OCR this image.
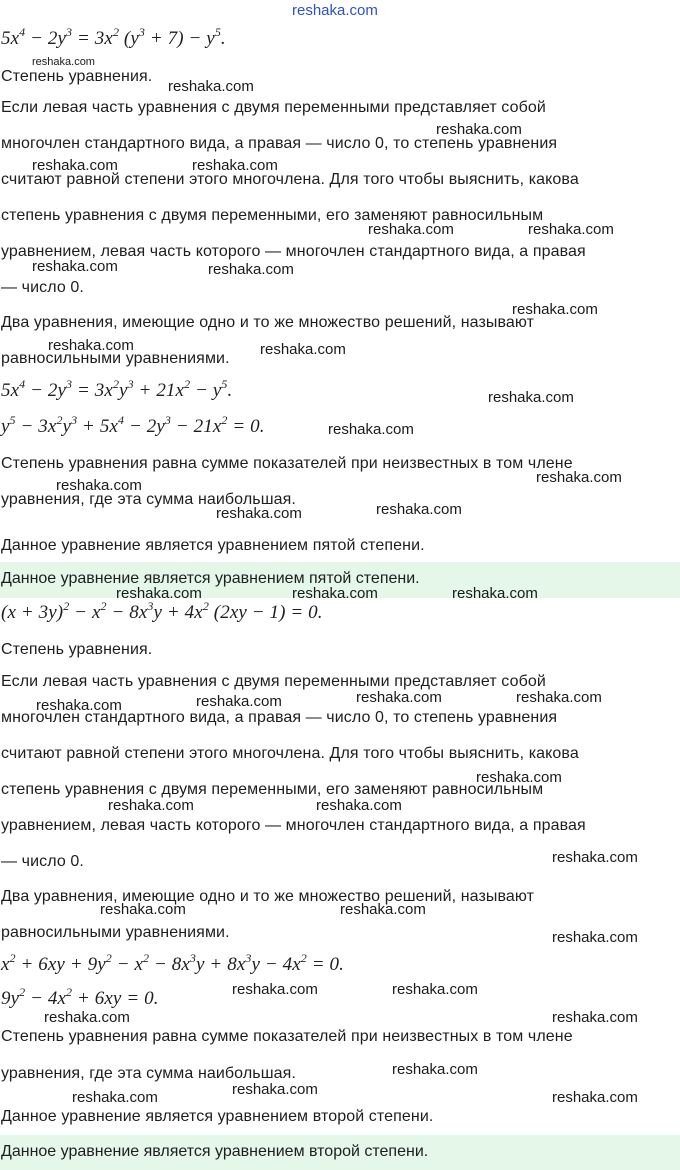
reshaka.com
reshaka.com
$5x^4 - 2y^3 = 3x^2$ $(y^3 + 7) - y^5$.
Степень уравнения.
Если левая часть уравнения с двумя переменными представляет собой
многочлен стандартного вида, а правая — число 0, то степень уравнения
считают равной степени этого многочлена. Для того чтобы выяснить, какова
степень уравнения с двумя переменными, его заменяют равносильным
уравнением, левая часть которого — многочлен стандартного вида, а правая
— число 0.
Два уравнения, имеющие одно и то же множество решений, называют
равносильными уравнениями.
$5x^4 - 2y^3 = 3x^2y^3 + 21x^2 - y^5$.
$y^5 - 3x^2y^3 + 5x^4 - 2y^3 - 21x^2 = 0$.
Степень уравнения равна сумме показателей при неизвестных в том члене
уравнения, где эта сумма наибольшая.
Данное уравнение является уравнением пятой степени.
Данное уравнение является уравнением пятой степени.
$(x + 3y)^2 - x^2 - 8x^3y + 4x^2$ (2xy − 1) = 0.
Степень уравнения.
Если левая часть уравнения с двумя переменными представляет собой
многочлен стандартного вида, а правая — число 0, то степень уравнения
считают равной степени этого многочлена. Для того чтобы выяснить, какова
степень уравнения с двумя переменными, его заменяют равносильным
уравнением, левая часть которого — многочлен стандартного вида, а правая
— число 0.
Два уравнения, имеющие одно и то же множество решений, называют
равносильными уравнениями.
$x^2 + 6xy + 9y^2 - x^2 - 8x^3y + 8x^3y - 4x^2 = 0$.
$9y^2 - 4x^2 + 6xy = 0$.
Степень уравнения равна сумме показателей при неизвестных в том члене
уравнения, где эта сумма наибольшая.
Данное уравнение является уравнением второй степени.
Данное уравнение является уравнением второй степени.
reshaka.com
reshaka.com
reshaka.com	reshaka.com
reshaka.com	reshaka.com
reshaka.com	reshaka.com
reshaka.com
reshaka.com	reshaka.com
reshaka.com
reshaka.com
reshaka.com
reshaka.com
reshaka.com
reshaka.com
reshaka.com	reshaka.com	reshaka.com
reshaka.com	reshaka.com
reshaka.com
reshaka.com
reshaka.com
reshaka.com	reshaka.com
reshaka.com
reshaka.com	reshaka.com
reshaka.com
reshaka.com	reshaka.com
reshaka.com	reshaka.com
reshaka.com
reshaka.com
reshaka.com	reshaka.com
